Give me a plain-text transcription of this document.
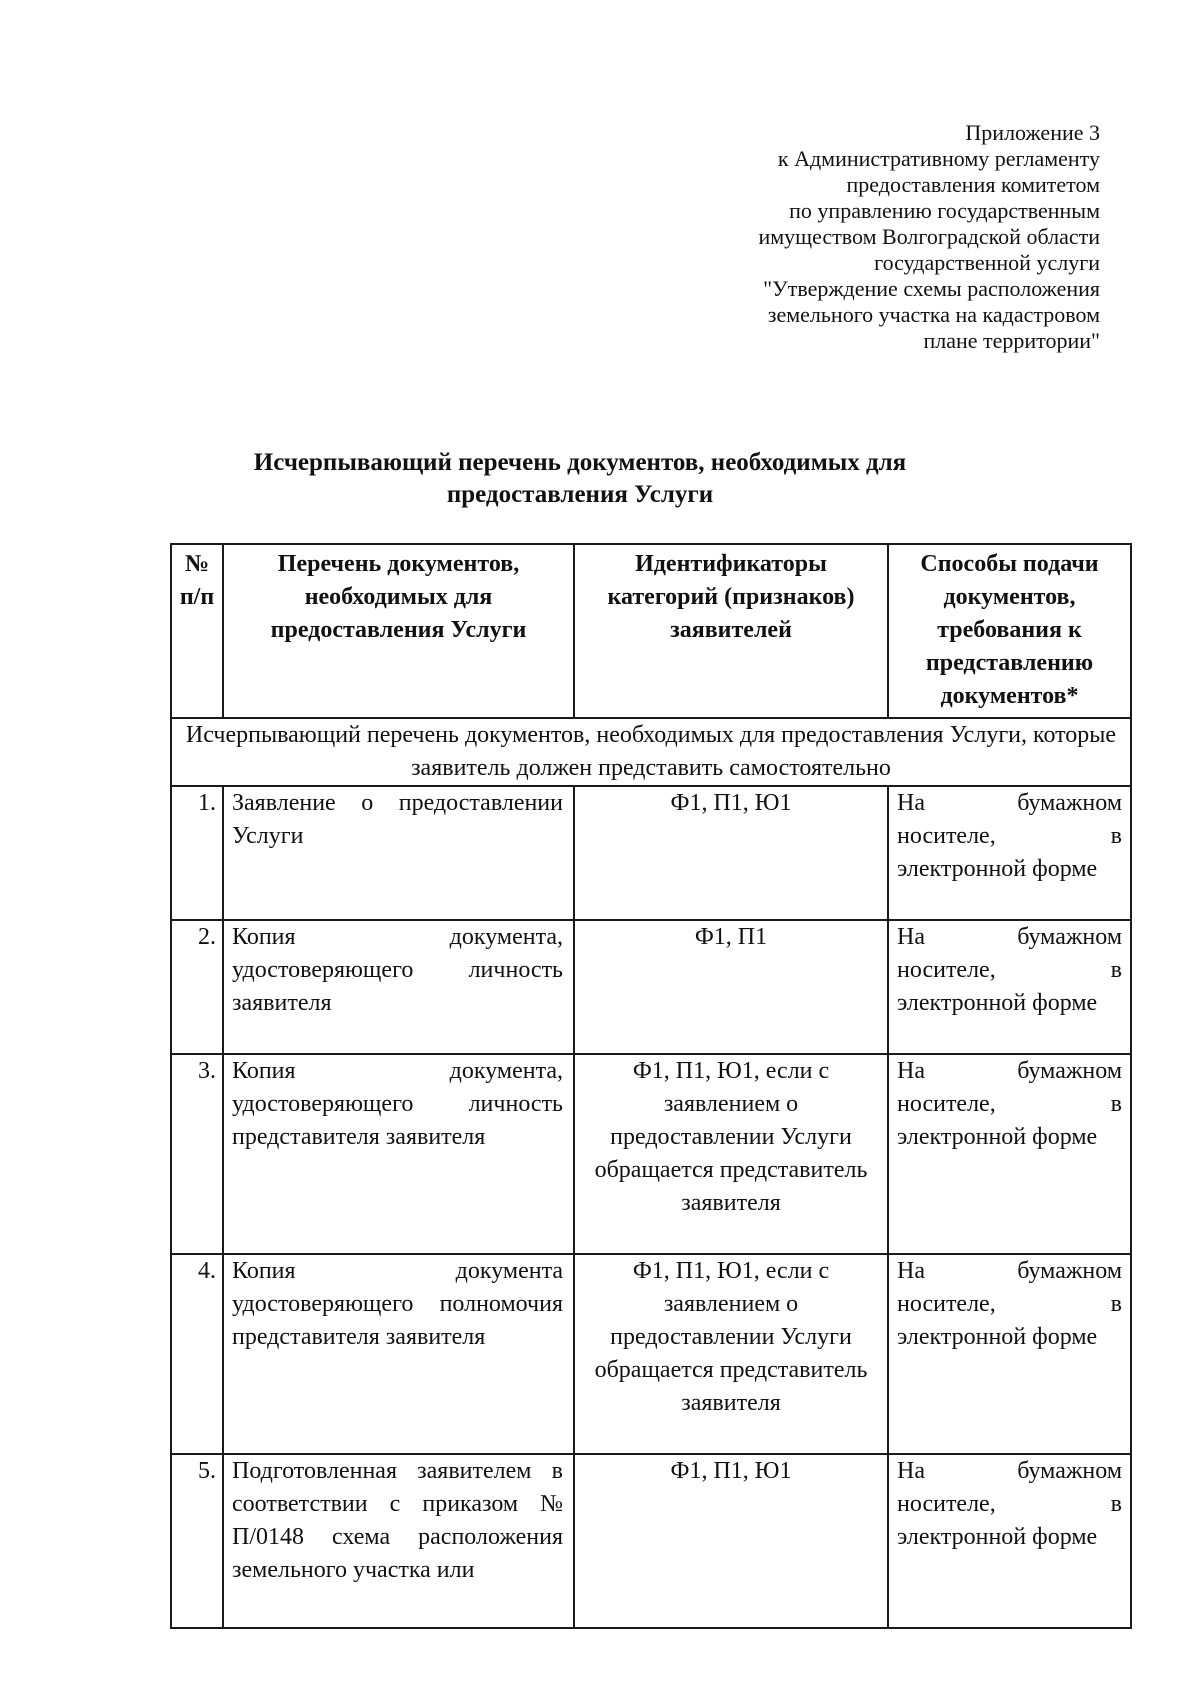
Приложение 3
к Административному регламенту
предоставления комитетом
по управлению государственным
имуществом Волгоградской области
государственной услуги
"Утверждение схемы расположения
земельного участка на кадастровом
плане территории"
Исчерпывающий перечень документов, необходимых для
предоставления Услуги
№ п/п	Перечень документов, необходимых для предоставления Услуги	Идентификаторы категорий (признаков) заявителей	Способы подачи документов, требования к представлению документов*
Исчерпывающий перечень документов, необходимых для предоставления Услуги, которые заявитель должен представить самостоятельно			
1.	Заявление о предоставлении Услуги	Ф1, П1, Ю1	На бумажном носителе, в электронной форме
2.	Копия документа, удостоверяющего личность заявителя	Ф1, П1	На бумажном носителе, в электронной форме
3.	Копия документа, удостоверяющего личность представителя заявителя	Ф1, П1, Ю1, если с заявлением о предоставлении Услуги обращается представитель заявителя	На бумажном носителе, в электронной форме
4.	Копия документа удостоверяющего полномочия представителя заявителя	Ф1, П1, Ю1, если с заявлением о предоставлении Услуги обращается представитель заявителя	На бумажном носителе, в электронной форме
5.	Подготовленная заявителем в соответствии с приказом № П/0148 схема расположения земельного участка или	Ф1, П1, Ю1	На бумажном носителе, в электронной форме
